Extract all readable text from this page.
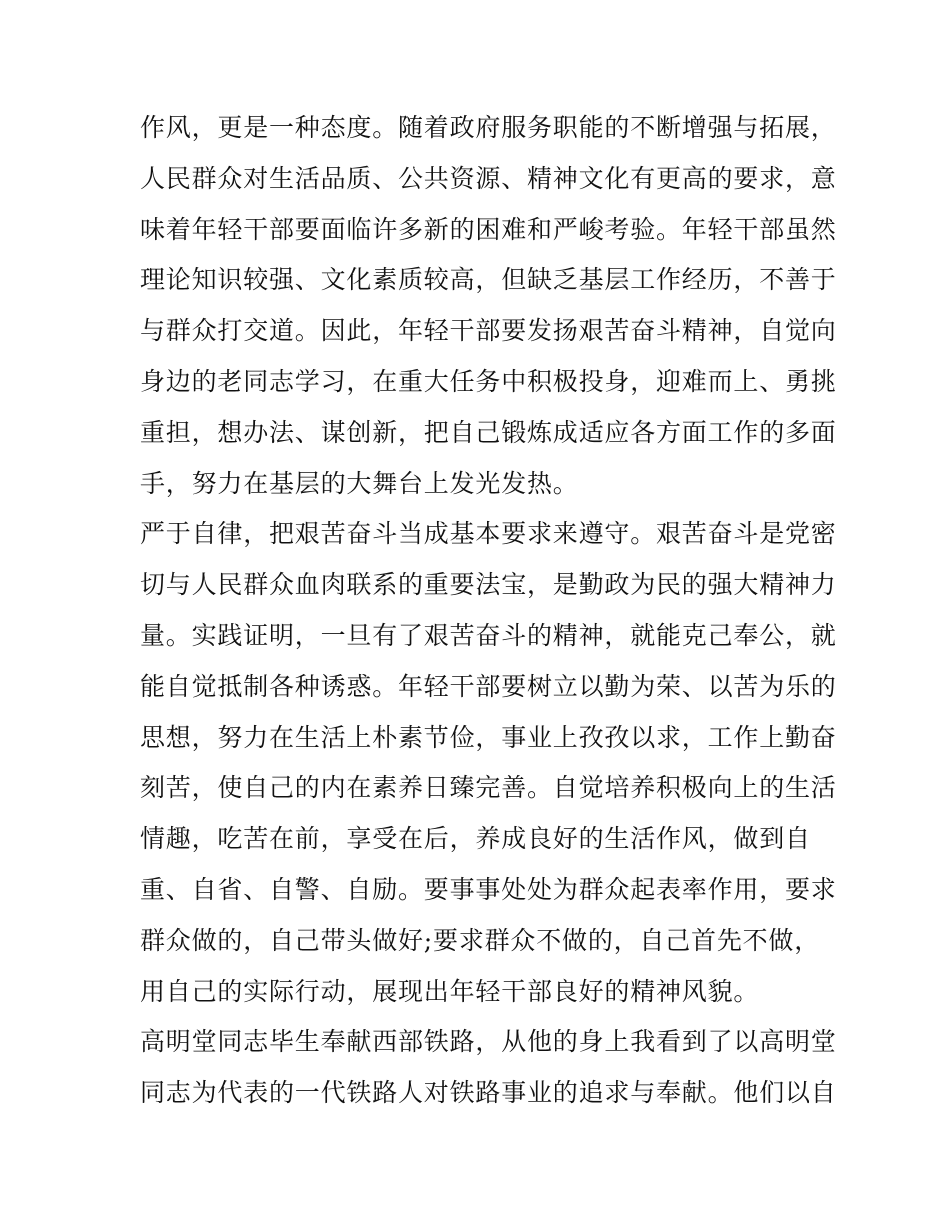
作风，更是一种态度。随着政府服务职能的不断增强与拓展，
人民群众对生活品质、公共资源、精神文化有更高的要求，意
味着年轻干部要面临许多新的困难和严峻考验。年轻干部虽然
理论知识较强、文化素质较高，但缺乏基层工作经历，不善于
与群众打交道。因此，年轻干部要发扬艰苦奋斗精神，自觉向
身边的老同志学习，在重大任务中积极投身，迎难而上、勇挑
重担，想办法、谋创新，把自己锻炼成适应各方面工作的多面
手，努力在基层的大舞台上发光发热。
严于自律，把艰苦奋斗当成基本要求来遵守。艰苦奋斗是党密
切与人民群众血肉联系的重要法宝，是勤政为民的强大精神力
量。实践证明，一旦有了艰苦奋斗的精神，就能克己奉公，就
能自觉抵制各种诱惑。年轻干部要树立以勤为荣、以苦为乐的
思想，努力在生活上朴素节俭，事业上孜孜以求，工作上勤奋
刻苦，使自己的内在素养日臻完善。自觉培养积极向上的生活
情趣，吃苦在前，享受在后，养成良好的生活作风，做到自
重、自省、自警、自励。要事事处处为群众起表率作用，要求
群众做的，自己带头做好;要求群众不做的，自己首先不做，
用自己的实际行动，展现出年轻干部良好的精神风貌。
高明堂同志毕生奉献西部铁路，从他的身上我看到了以高明堂
同志为代表的一代铁路人对铁路事业的追求与奉献。他们以自
